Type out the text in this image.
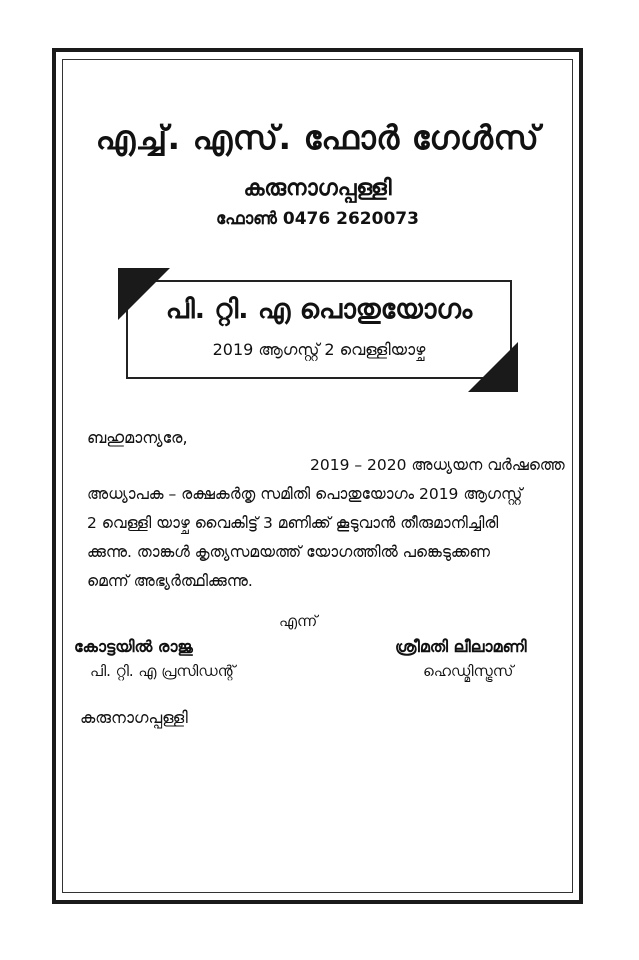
എച്ച്. എസ്. ഫോർ ഗേൾസ്
കരുനാഗപ്പള്ളി
ഫോൺ 0476 2620073
പി. റ്റി. എ പൊതുയോഗം
2019 ആഗസ്റ്റ് 2 വെള്ളിയാഴ്ച
ബഹുമാന്യരേ,
2019 – 2020 അധ്യയന വർഷത്തെ
അധ്യാപക – രക്ഷകർതൃ സമിതി പൊതുയോഗം 2019 ആഗസ്റ്റ്
2 വെള്ളി യാഴ്ച വൈകിട്ട് 3 മണിക്ക് കൂടുവാൻ തീരുമാനിച്ചിരി
ക്കുന്നു. താങ്കൾ കൃത്യസമയത്ത് യോഗത്തിൽ പങ്കെടുക്കണ
മെന്ന് അഭ്യർത്ഥിക്കുന്നു.
എന്ന്
കോട്ടയിൽ രാജു
പി. റ്റി. എ പ്രസിഡന്റ്
ശ്രീമതി ലീലാമണി
ഹെഡ്മിസ്ട്രസ്
കരുനാഗപ്പള്ളി
